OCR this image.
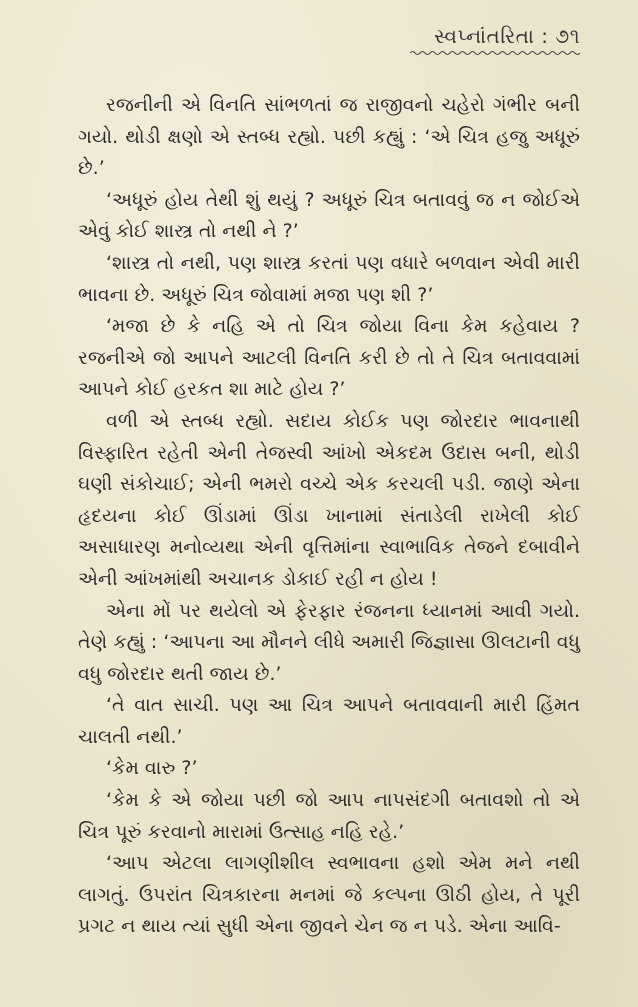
સ્વપ્નાંતરિતા : ૭૧

રજનીની એ વિનતિ સાંભળતાં જ રાજીવનો ચહેરો ગંભીર બની ગયો. થોડી ક્ષણો એ સ્તબ્ધ રહ્યો. પછી કહ્યું : ‘એ ચિત્ર હજુ અધૂરું છે.’

‘અધૂરું હોય તેથી શું થયું ? અધૂરું ચિત્ર બતાવવું જ ન જોઈએ એવું કોઈ શાસ્ત્ર તો નથી ને ?’

‘શાસ્ત્ર તો નથી, પણ શાસ્ત્ર કરતાં પણ વધારે બળવાન એવી મારી ભાવના છે. અધૂરું ચિત્ર જોવામાં મજા પણ શી ?’

‘મજા છે કે નહિ એ તો ચિત્ર જોયા વિના કેમ કહેવાય ? રજનીએ જો આપને આટલી વિનતિ કરી છે તો તે ચિત્ર બતાવવામાં આપને કોઈ હરકત શા માટે હોય ?’

વળી એ સ્તબ્ધ રહ્યો. સદાય કોઈક પણ જોરદાર ભાવનાથી વિસ્ફારિત રહેતી એની તેજસ્વી આંખો એકદમ ઉદાસ બની, થોડી ઘણી સંકોચાઈ; એની ભમરો વચ્ચે એક કરચલી પડી. જાણે એના હૃદયના કોઈ ઊંડામાં ઊંડા ખાનામાં સંતાડેલી રાખેલી કોઈ અસાધારણ મનોવ્યથા એની વૃત્તિમાંના સ્વાભાવિક તેજને દબાવીને એની આંખમાંથી અચાનક ડોકાઈ રહી ન હોય !

એના મોં પર થયેલો એ ફેરફાર રંજનના ધ્યાનમાં આવી ગયો. તેણે કહ્યું : ‘આપના આ મૌનને લીધે અમારી જિજ્ઞાસા ઊલટાની વધુ વધુ જોરદાર થતી જાય છે.’

‘તે વાત સાચી. પણ આ ચિત્ર આપને બતાવવાની મારી હિંમત ચાલતી નથી.’

‘કેમ વારુ ?’

‘કેમ કે એ જોયા પછી જો આપ નાપસંદગી બતાવશો તો એ ચિત્ર પૂરું કરવાનો મારામાં ઉત્સાહ નહિ રહે.’

‘આપ એટલા લાગણીશીલ સ્વભાવના હશો એમ મને નથી લાગતું. ઉપરાંત ચિત્રકારના મનમાં જે કલ્પના ઊઠી હોય, તે પૂરી પ્રગટ ન થાય ત્યાં સુધી એના જીવને ચેન જ ન પડે. એના આવિ-
